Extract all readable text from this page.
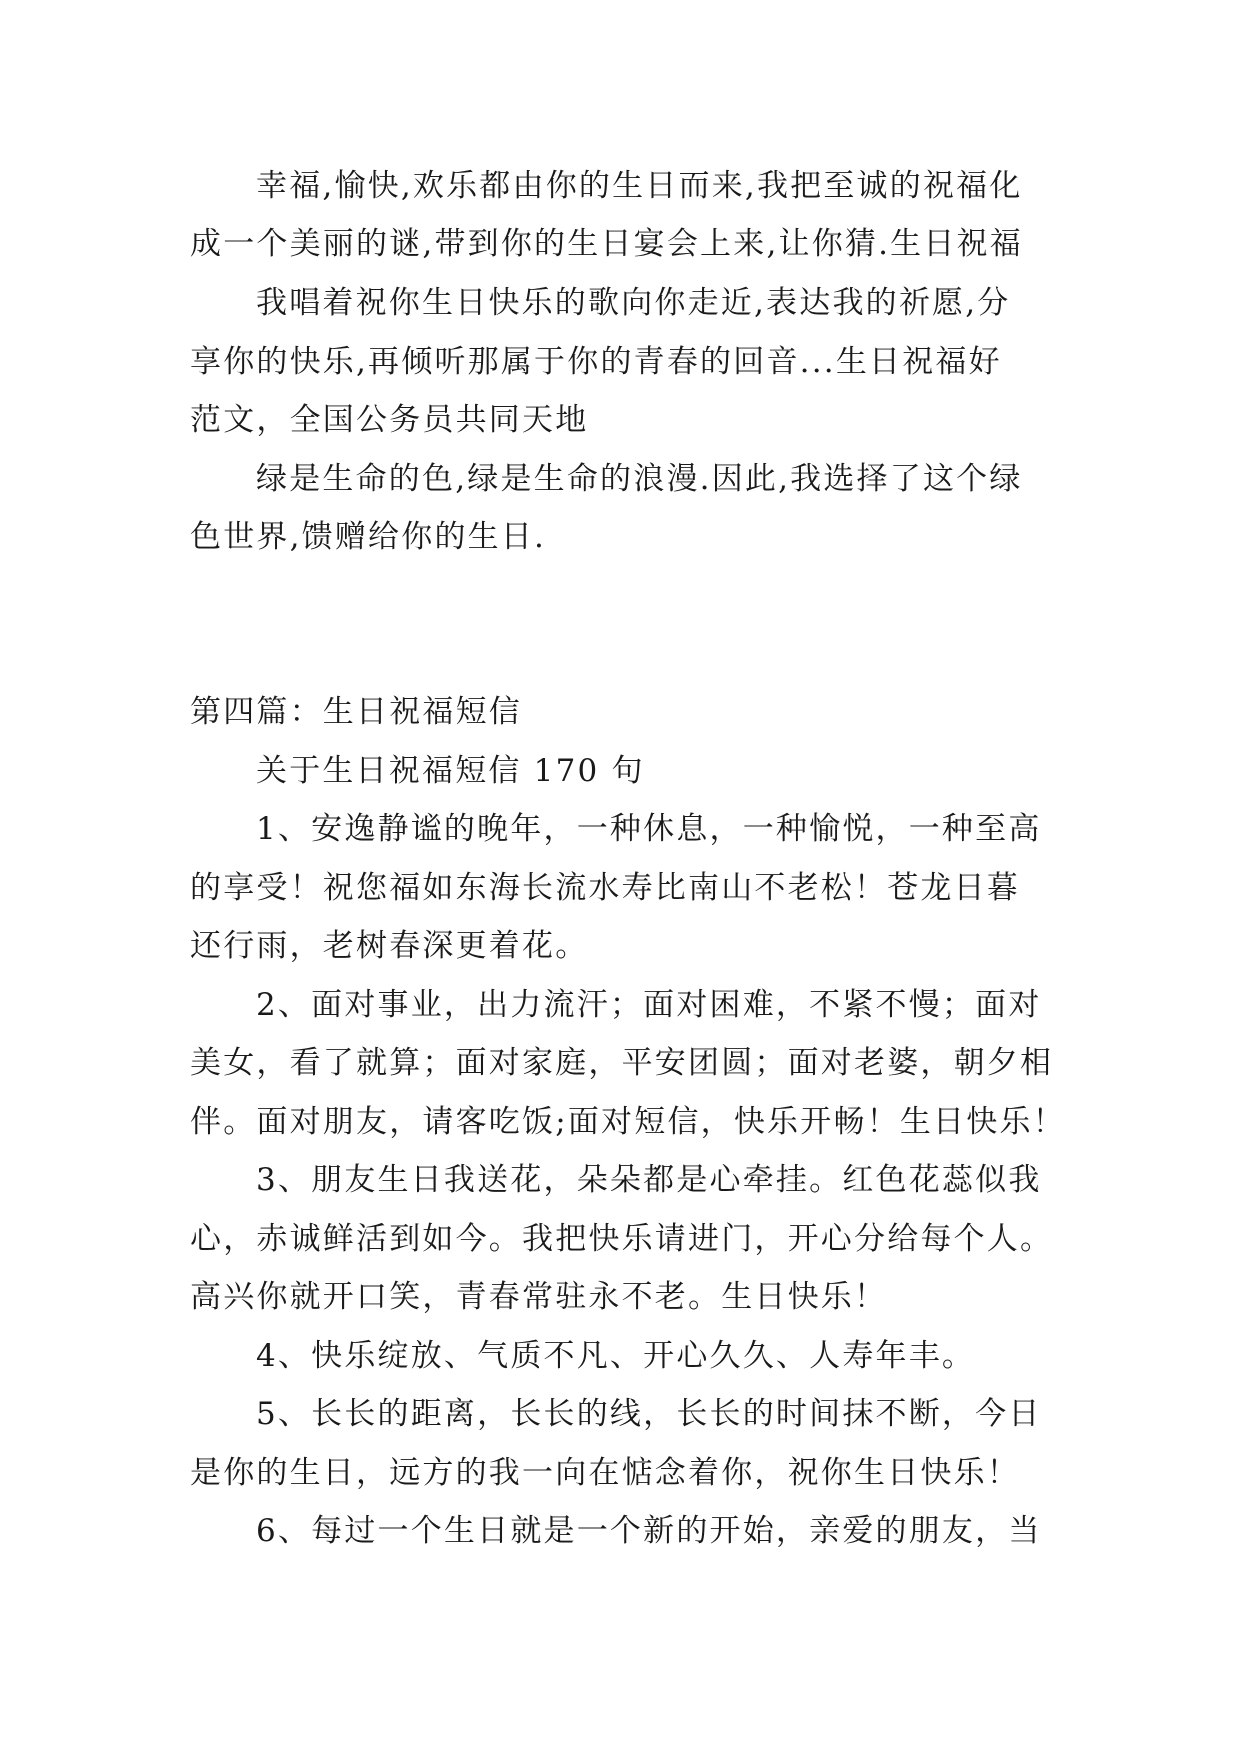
幸福,愉快,欢乐都由你的生日而来,我把至诚的祝福化
成一个美丽的谜,带到你的生日宴会上来,让你猜.生日祝福
我唱着祝你生日快乐的歌向你走近,表达我的祈愿,分
享你的快乐,再倾听那属于你的青春的回音...生日祝福好
范文，全国公务员共同天地
绿是生命的色,绿是生命的浪漫.因此,我选择了这个绿
色世界,馈赠给你的生日.
第四篇：生日祝福短信
关于生日祝福短信 170 句
1、安逸静谧的晚年，一种休息，一种愉悦，一种至高
的享受！祝您福如东海长流水寿比南山不老松！苍龙日暮
还行雨，老树春深更着花。
2、面对事业，出力流汗；面对困难，不紧不慢；面对
美女，看了就算；面对家庭，平安团圆；面对老婆，朝夕相
伴。面对朋友，请客吃饭;面对短信，快乐开畅！生日快乐！
3、朋友生日我送花，朵朵都是心牵挂。红色花蕊似我
心，赤诚鲜活到如今。我把快乐请进门，开心分给每个人。
高兴你就开口笑，青春常驻永不老。生日快乐！
4、快乐绽放、气质不凡、开心久久、人寿年丰。
5、长长的距离，长长的线，长长的时间抹不断，今日
是你的生日，远方的我一向在惦念着你，祝你生日快乐！
6、每过一个生日就是一个新的开始，亲爱的朋友，当
